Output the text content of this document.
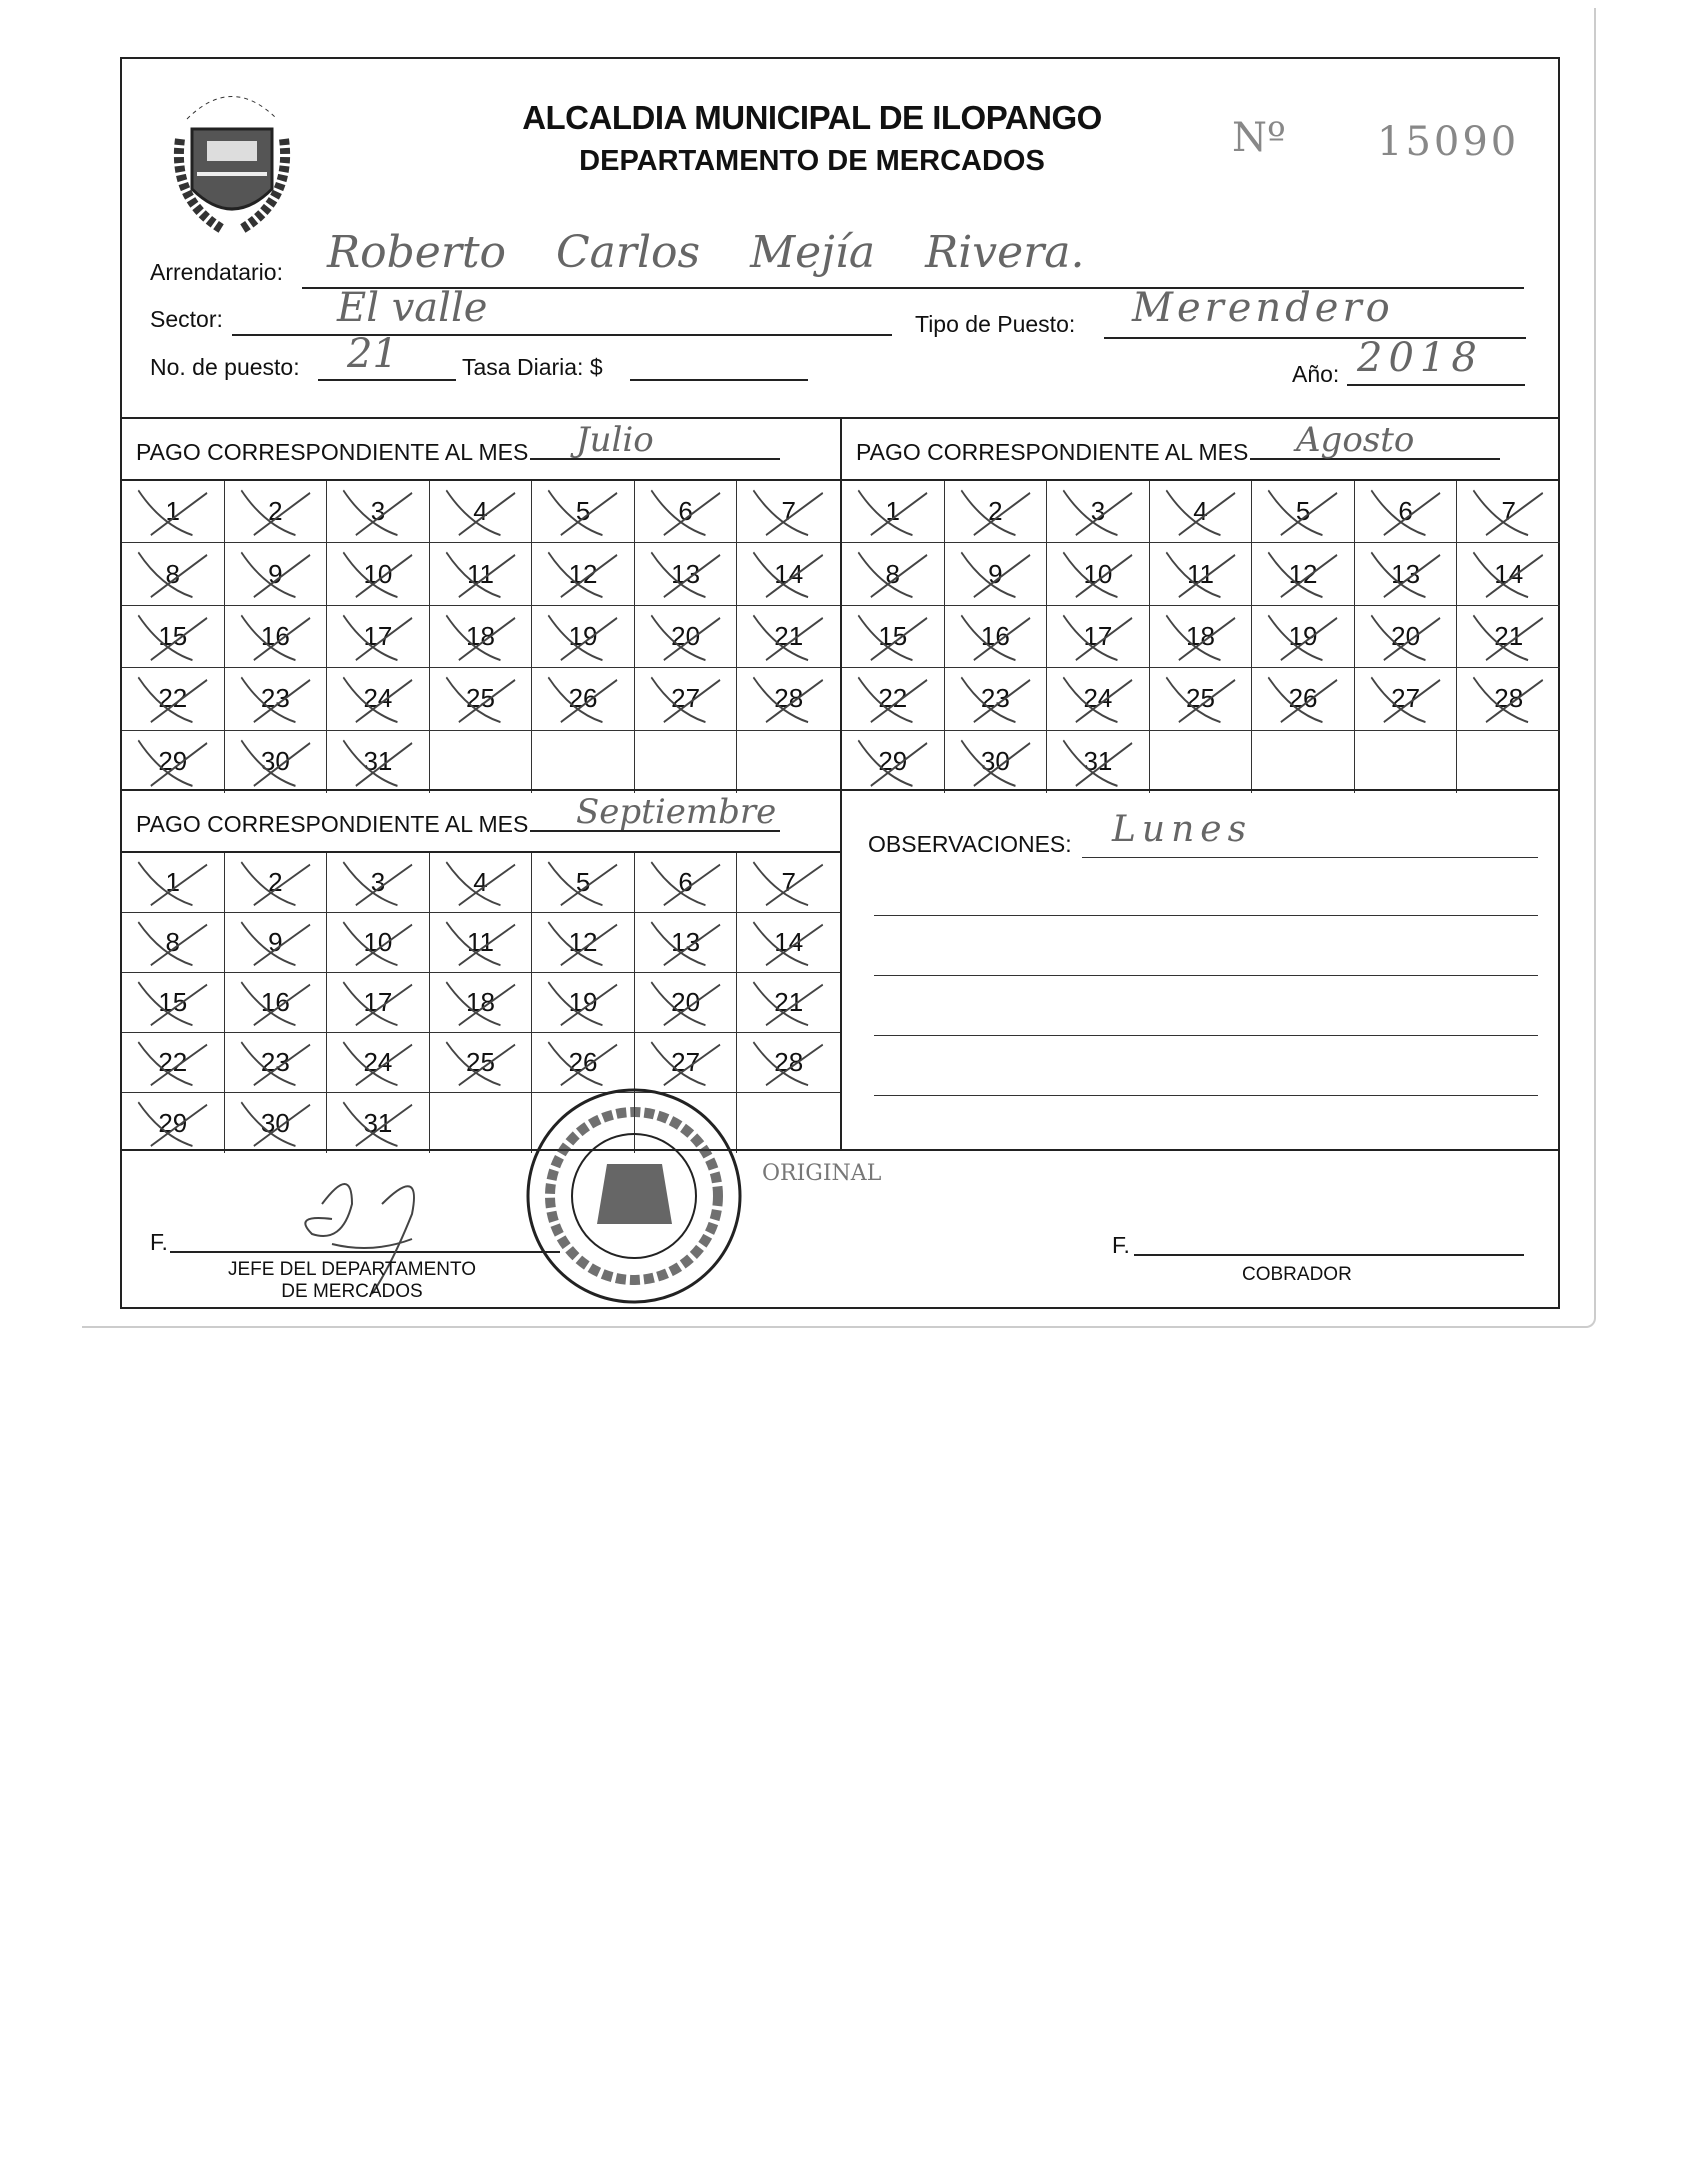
ALCALDIA MUNICIPAL DE ILOPANGO
DEPARTAMENTO DE MERCADOS	Nº 15090
Arrendatario: Roberto Carlos Mejía Rivera.
Sector:	El valle	Tipo de Puesto: Merendero
No. de puesto: 21	Tasa Diaria: $	Año: 2018
PAGO CORRESPONDIENTE AL MES Julio
1	2	3	4	5	6	7
8	9	10	11	12	13	14
15	16	17	18	19	20	21
22	23	24	25	26	27	28
29	30	31
PAGO CORRESPONDIENTE AL MES Agosto
1	2	3	4	5	6	7
8	9	10	11	12	13	14
15	16	17	18	19	20	21
22	23	24	25	26	27	28
29	30	31
PAGO CORRESPONDIENTE AL MES Septiembre
1	2	3	4	5	6	7
8	9	10	11	12	13	14
15	16	17	18	19	20	21
22	23	24	25	26	27	28
29	30	31
OBSERVACIONES: Lunes
F.
JEFE DEL DEPARTAMENTO
DE MERCADOS
ORIGINAL
F.
COBRADOR
